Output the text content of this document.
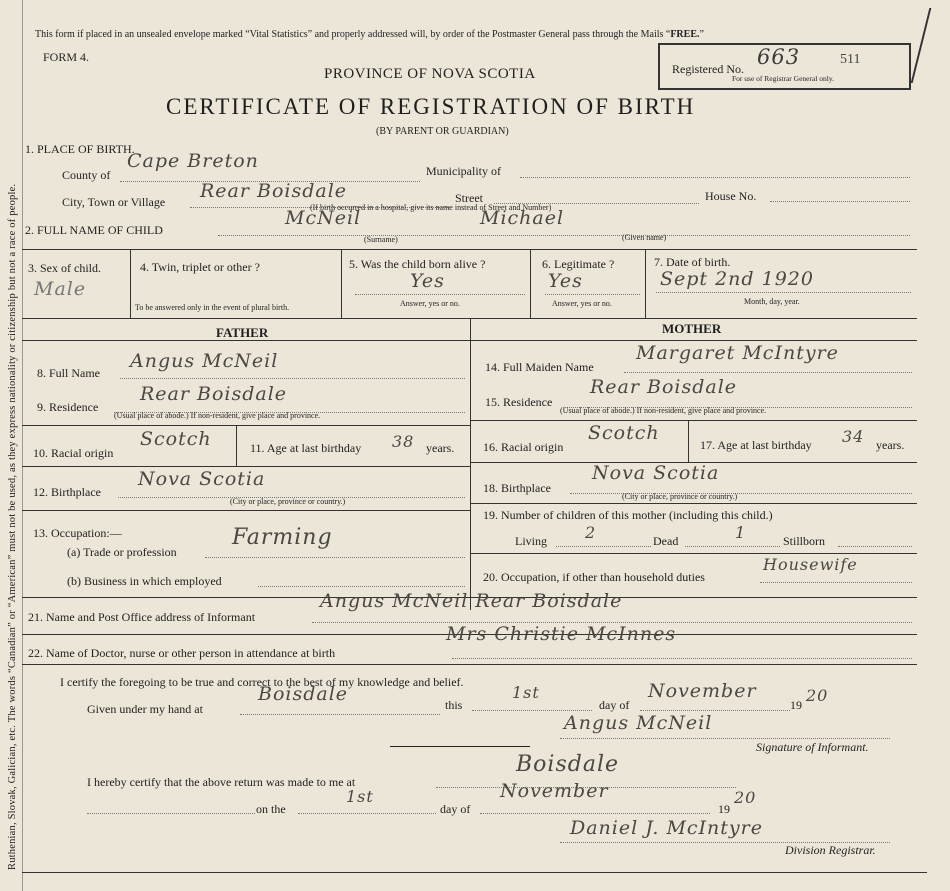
Ruthenian, Slovak, Galician, etc. The words “Canadian” or “American” must not be used, as they express nationality or citizenship but not a race of people.
This form if placed in an unsealed envelope marked “Vital Statistics” and properly addressed will, by order of the Postmaster General pass through the Mails “FREE.”
FORM 4.
PROVINCE OF NOVA SCOTIA
CERTIFICATE OF REGISTRATION OF BIRTH
(BY PARENT OR GUARDIAN)
Registered No. 663	511
For use of Registrar General only.
1. PLACE OF BIRTH.
County of
Cape Breton	Municipality of
City, Town or Village Rear Boisdale	Street	House No.
(If birth occurred in a hospital, give its name instead of Street and Number)
2. FULL NAME OF CHILD
McNeil	Michael
(Surname)	(Given name)
3. Sex of child.
Male
4. Twin, triplet or other ?
To be answered only in the event of plural birth.
5. Was the child born alive ?
Yes
Answer, yes or no.
6. Legitimate ?
Yes
Answer, yes or no.
7. Date of birth.
Sept 2nd 1920
Month, day, year.
FATHER	MOTHER
8. Full Name
Angus McNeil
9. Residence
Rear Boisdale
(Usual place of abode.) If non-resident, give place and province.
10. Racial origin
Scotch	11. Age at last birthday 38 years.
12. Birthplace
Nova Scotia
(City or place, province or country.)
13. Occupation:—
(a) Trade or profession
Farming
(b) Business in which employed
14. Full Maiden Name
Margaret McIntyre
15. Residence
Rear Boisdale
(Usual place of abode.) If non-resident, give place and province.
16. Racial origin
Scotch
17. Age at last birthday 34 years.
18. Birthplace
Nova Scotia
(City or place, province or country.)
19. Number of children of this mother (including this child.)
Living 2	Dead	1	Stillborn
20. Occupation, if other than household duties
Housewife
21. Name and Post Office address of Informant
Angus McNeil Rear Boisdale
22. Name of Doctor, nurse or other person in attendance at birth
Mrs Christie McInnes
I certify the foregoing to be true and correct to the best of my knowledge and belief.
Given under my hand at
Boisdale	this
1st
day of
November
19 20
Angus McNeil
Signature of Informant.
I hereby certify that the above return was made to me at
Boisdale
on the
1st
day of
November
19
20
Daniel J. McIntyre
Division Registrar.
